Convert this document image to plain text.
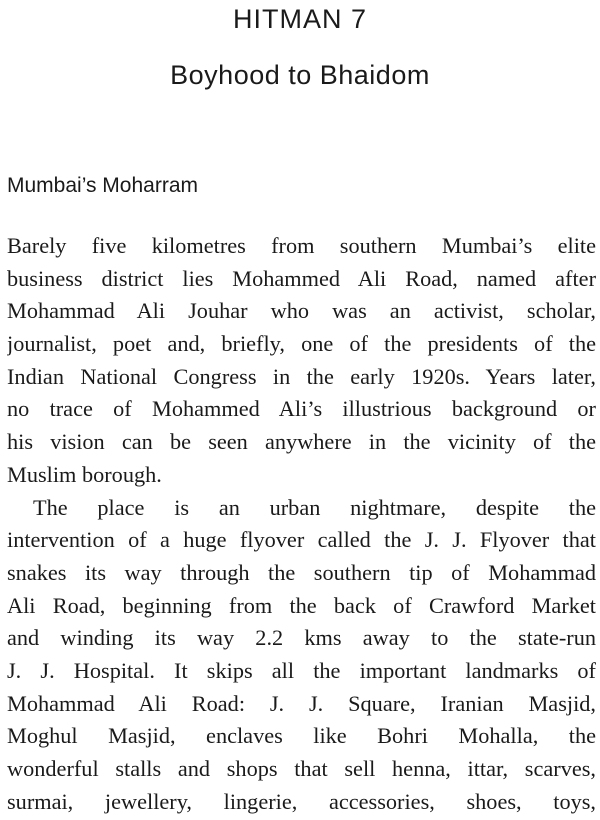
HITMAN 7
Boyhood to Bhaidom
Mumbai’s Moharram

Barely five kilometres from southern Mumbai’s elite
business district lies Mohammed Ali Road, named after
Mohammad Ali Jouhar who was an activist, scholar,
journalist, poet and, briefly, one of the presidents of the
Indian National Congress in the early 1920s. Years later,
no trace of Mohammed Ali’s illustrious background or
his vision can be seen anywhere in the vicinity of the
Muslim borough.

The place is an urban nightmare, despite the
intervention of a huge flyover called the J. J. Flyover that
snakes its way through the southern tip of Mohammad
Ali Road, beginning from the back of Crawford Market
and winding its way 2.2 kms away to the state-run
J. J. Hospital. It skips all the important landmarks of
Mohammad Ali Road: J. J. Square, Iranian Masjid,
Moghul Masjid, enclaves like Bohri Mohalla, the
wonderful stalls and shops that sell henna, ittar, scarves,
surmai, jewellery, lingerie, accessories, shoes, toys,
